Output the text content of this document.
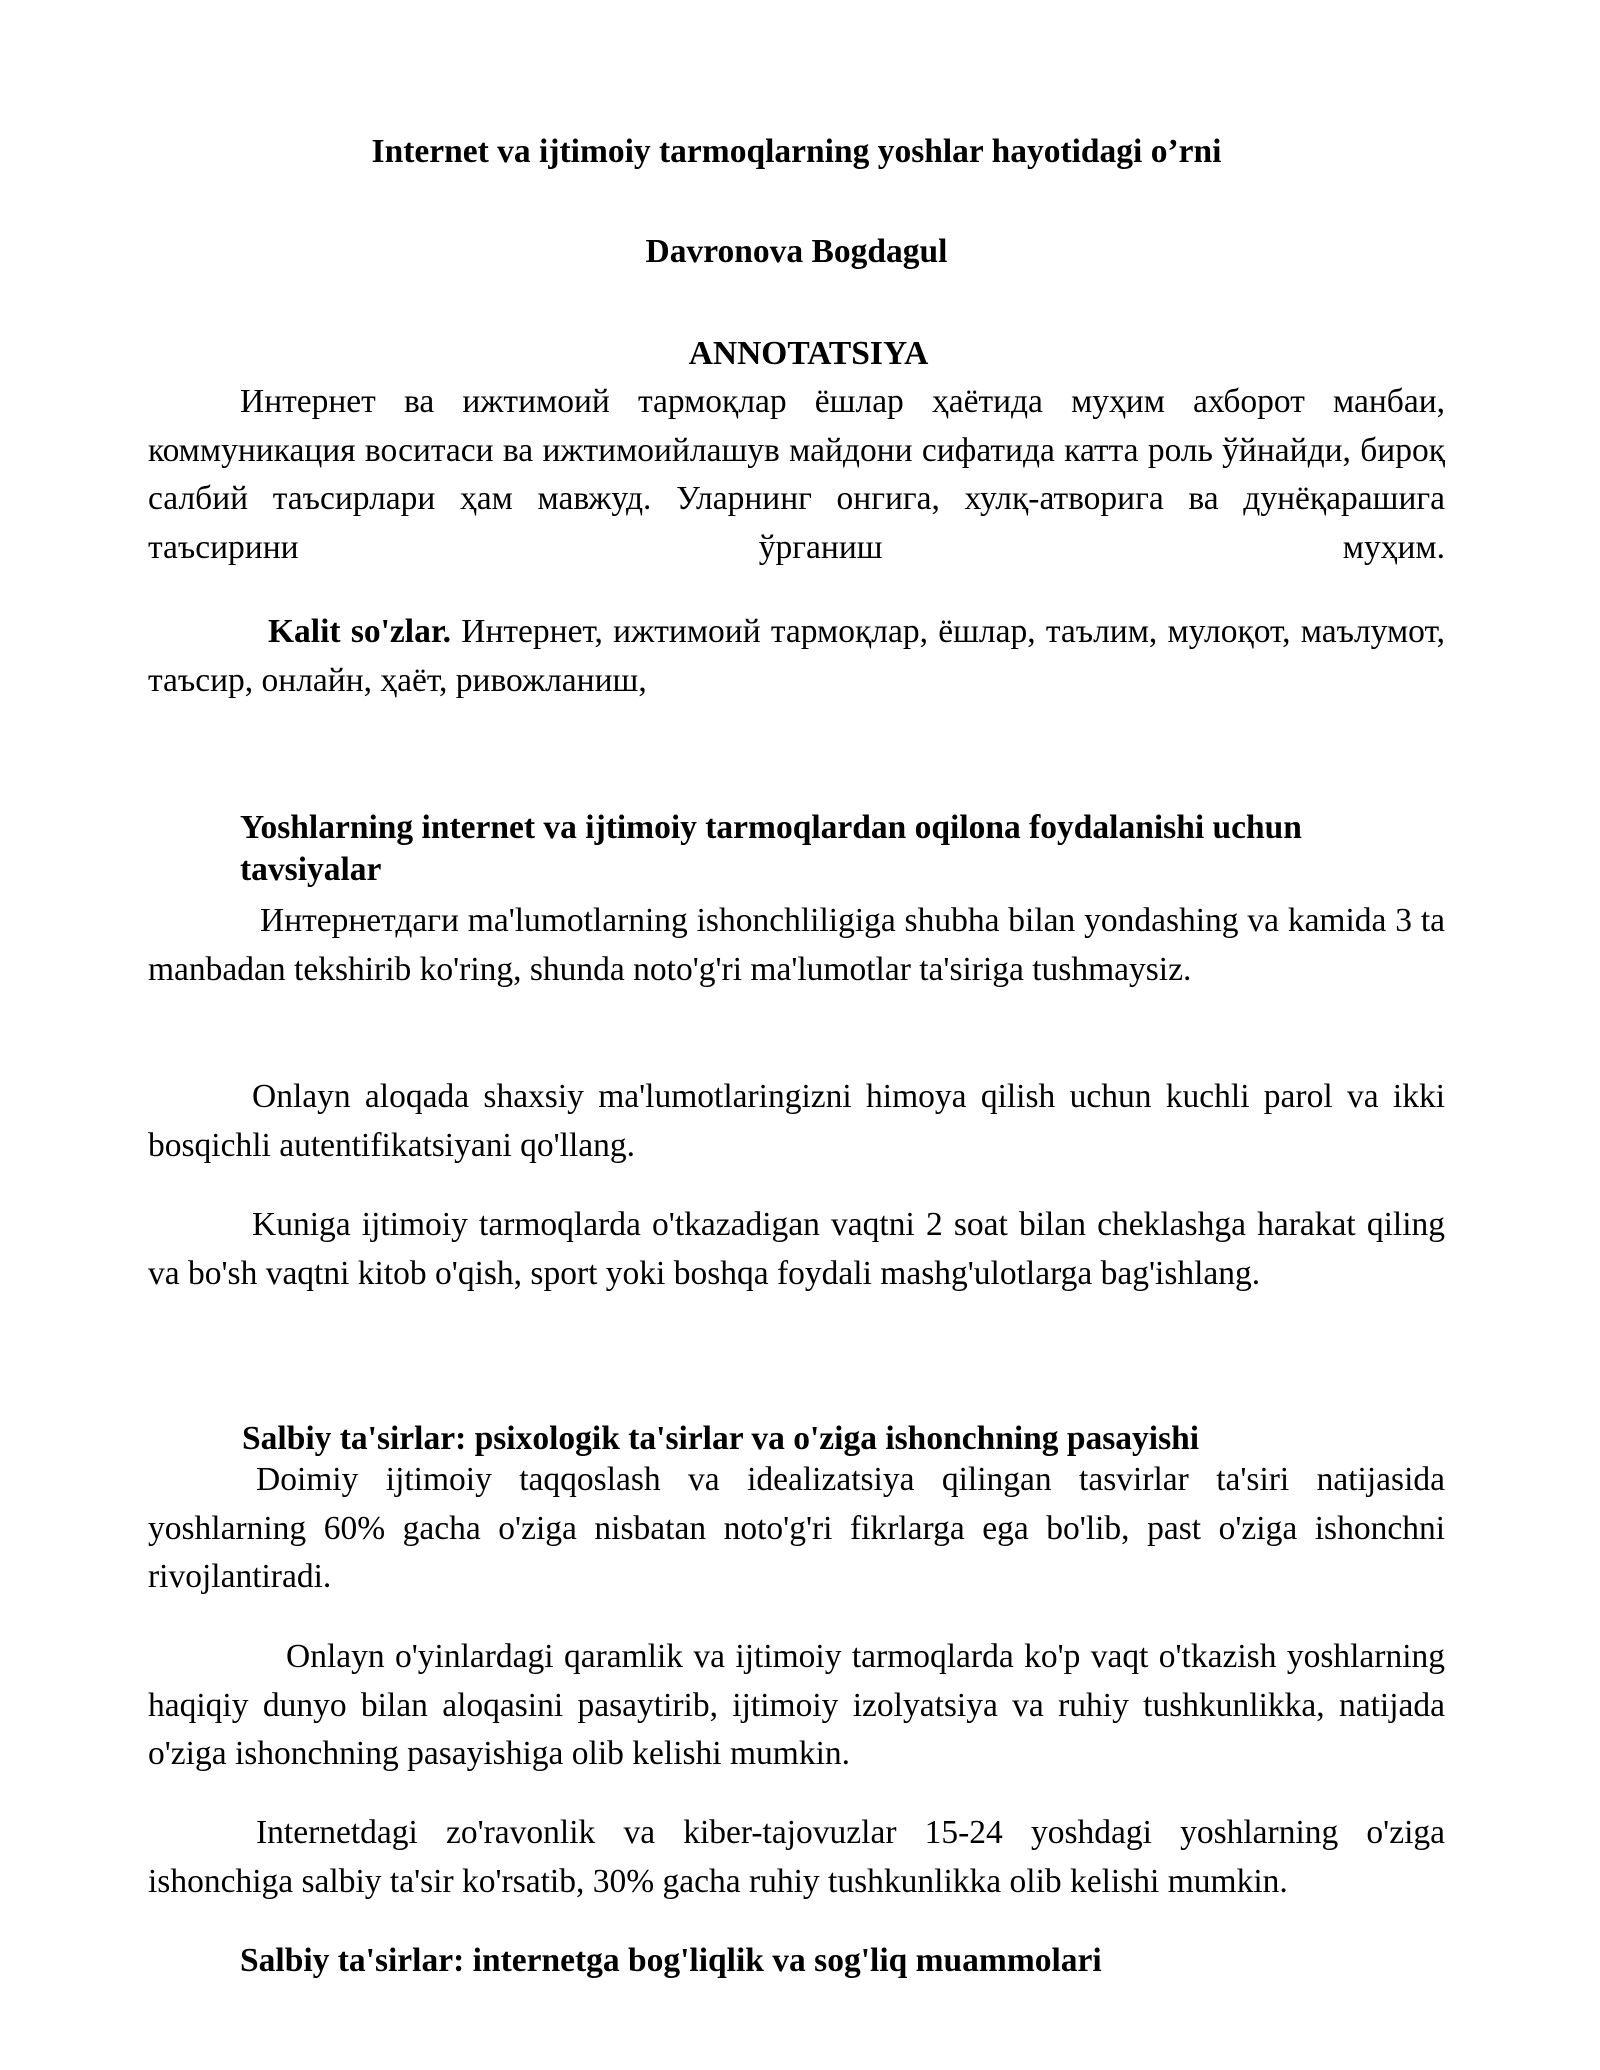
Internet va ijtimoiy tarmoqlarning yoshlar hayotidagi o’rni
Davronova Bogdagul
ANNOTATSIYA
Интернет ва ижтимоий тармоқлар ёшлар ҳаётида муҳим ахборот манбаи, коммуникация воситаси ва ижтимоийлашув майдони сифатида катта роль ўйнайди, бироқ салбий таъсирлари ҳам мавжуд. Уларнинг онгига, хулқ-атворига ва дунёқарашига таъсирини ўрганиш муҳим.
Kalit so'zlar. Интернет, ижтимоий тармоқлар, ёшлар, таълим, мулоқот, маълумот, таъсир, онлайн, ҳаёт, ривожланиш,
Yoshlarning internet va ijtimoiy tarmoqlardan oqilona foydalanishi uchun tavsiyalar
Интернетдаги ma'lumotlarning ishonchliligiga shubha bilan yondashing va kamida 3 ta manbadan tekshirib ko'ring, shunda noto'g'ri ma'lumotlar ta'siriga tushmaysiz.
Onlayn aloqada shaxsiy ma'lumotlaringizni himoya qilish uchun kuchli parol va ikki bosqichli autentifikatsiyani qo'llang.
Kuniga ijtimoiy tarmoqlarda o'tkazadigan vaqtni 2 soat bilan cheklashga harakat qiling va bo'sh vaqtni kitob o'qish, sport yoki boshqa foydali mashg'ulotlarga bag'ishlang.
Salbiy ta'sirlar: psixologik ta'sirlar va o'ziga ishonchning pasayishi
Doimiy ijtimoiy taqqoslash va idealizatsiya qilingan tasvirlar ta'siri natijasida yoshlarning 60% gacha o'ziga nisbatan noto'g'ri fikrlarga ega bo'lib, past o'ziga ishonchni rivojlantiradi.
Onlayn o'yinlardagi qaramlik va ijtimoiy tarmoqlarda ko'p vaqt o'tkazish yoshlarning haqiqiy dunyo bilan aloqasini pasaytirib, ijtimoiy izolyatsiya va ruhiy tushkunlikka, natijada o'ziga ishonchning pasayishiga olib kelishi mumkin.
Internetdagi zo'ravonlik va kiber-tajovuzlar 15-24 yoshdagi yoshlarning o'ziga ishonchiga salbiy ta'sir ko'rsatib, 30% gacha ruhiy tushkunlikka olib kelishi mumkin.
Salbiy ta'sirlar: internetga bog'liqlik va sog'liq muammolari
